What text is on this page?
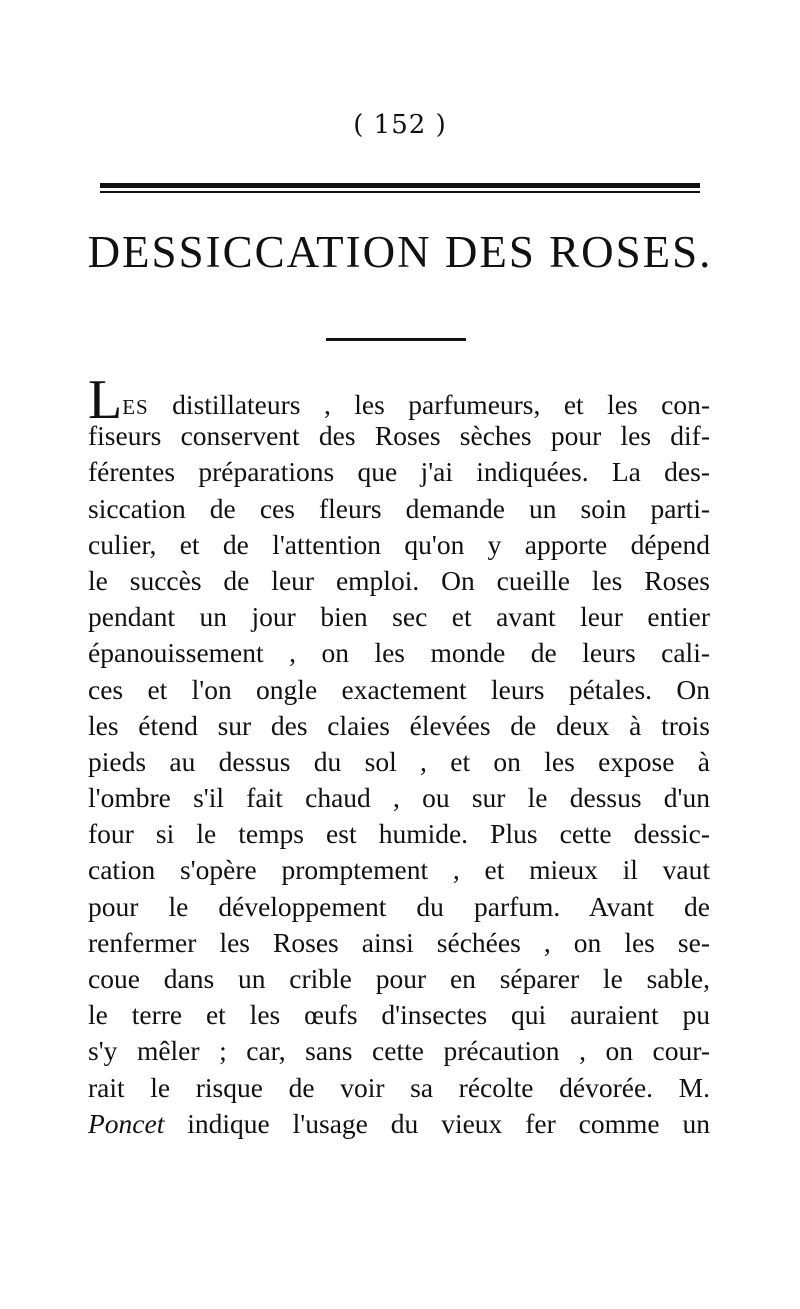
( 152 )
DESSICCATION DES ROSES.
LES distillateurs , les parfumeurs, et les con-
fiseurs conservent des Roses sèches pour les dif-
férentes préparations que j'ai indiquées. La des-
siccation de ces fleurs demande un soin parti-
culier, et de l'attention qu'on y apporte dépend
le succès de leur emploi. On cueille les Roses
pendant un jour bien sec et avant leur entier
épanouissement , on les monde de leurs cali-
ces et l'on ongle exactement leurs pétales. On
les étend sur des claies élevées de deux à trois
pieds au dessus du sol , et on les expose à
l'ombre s'il fait chaud , ou sur le dessus d'un
four si le temps est humide. Plus cette dessic-
cation s'opère promptement , et mieux il vaut
pour le développement du parfum. Avant de
renfermer les Roses ainsi séchées , on les se-
coue dans un crible pour en séparer le sable,
le terre et les œufs d'insectes qui auraient pu
s'y mêler ; car, sans cette précaution , on cour-
rait le risque de voir sa récolte dévorée. M.
Poncet indique l'usage du vieux fer comme un
